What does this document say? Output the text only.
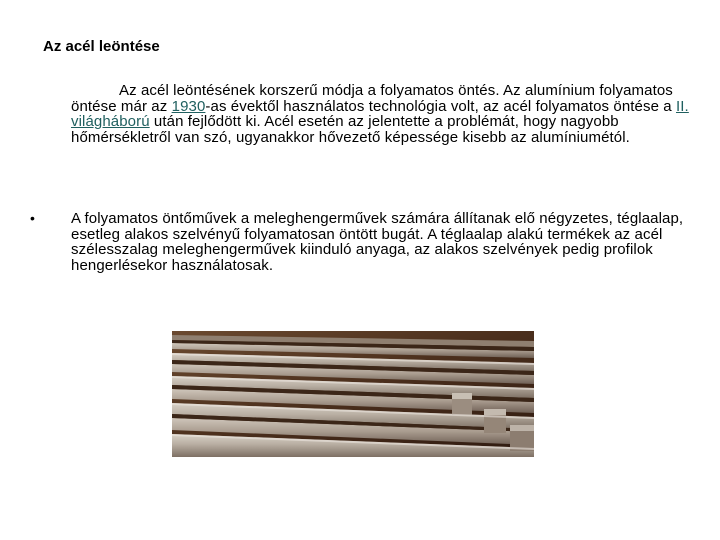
Az acél leöntése
Az acél leöntésének korszerű módja a folyamatos öntés. Az alumínium folyamatos öntése már az 1930-as évektől használatos technológia volt, az acél folyamatos öntése a II. világháború után fejlődött ki. Acél esetén az jelentette a problémát, hogy nagyobb hőmérsékletről van szó, ugyanakkor hővezető képessége kisebb az alumíniumétól.
• A folyamatos öntőművek a meleghengerművek számára állítanak elő négyzetes, téglaalap, esetleg alakos szelvényű folyamatosan öntött bugát. A téglaalap alakú termékek az acél szélesszalag meleghengerművek kiinduló anyaga, az alakos szelvények pedig profilok hengerlésekor használatosak.
